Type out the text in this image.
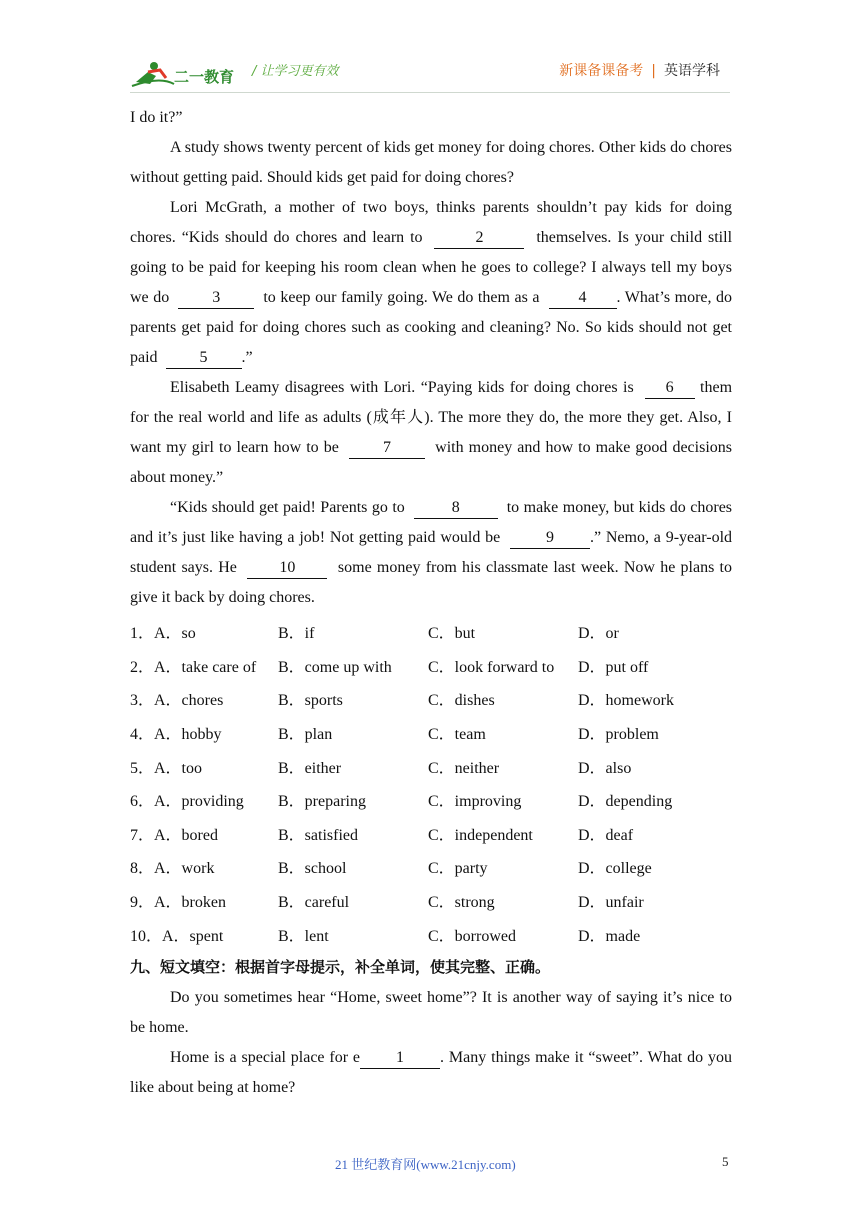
二一教育 / 让学习更有效	新课备课备考 | 英语学科

I do it?”

A study shows twenty percent of kids get money for doing chores. Other kids do chores without getting paid. Should kids get paid for doing chores?

Lori McGrath, a mother of two boys, thinks parents shouldn’t pay kids for doing chores. “Kids should do chores and learn to	2	themselves. Is your child still going to be paid for keeping his room clean when he goes to college? I always tell my boys we do	3	to keep our family going. We do them as a 4 . What’s more, do parents get paid for doing chores such as cooking and cleaning? No. So kids should not get paid	5 .”

Elisabeth Leamy disagrees with Lori. “Paying kids for doing chores is 6 them for the real world and life as adults (成年人). The more they do, the more they get. Also, I want my girl to learn how to be	7	with money and how to make good decisions about money.”

“Kids should get paid! Parents go to	8	to make money, but kids do chores and it’s just like having a job! Not getting paid would be	9 .” Nemo, a 9-year-old student says. He	10	some money from his classmate last week. Now he plans to give it back by doing chores.

1．A．so	B．if	C．but	D．or
2．A．take care of	B．come up with	C．look forward to	D．put off
3．A．chores	B．sports	C．dishes	D．homework
4．A．hobby	B．plan	C．team	D．problem
5．A．too	B．either	C．neither	D．also
6．A．providing	B．preparing	C．improving	D．depending
7．A．bored	B．satisfied	C．independent	D．deaf
8．A．work	B．school	C．party	D．college
9．A．broken	B．careful	C．strong	D．unfair
10．A．spent	B．lent	C．borrowed	D．made
九、短文填空：根据首字母提示，补全单词，使其完整、正确。

Do you sometimes hear “Home, sweet home”? It is another way of saying it’s nice to be home.

Home is a special place for e 1 . Many things make it “sweet”. What do you like about being at home?

21 世纪教育网(www.21cnjy.com)	5
